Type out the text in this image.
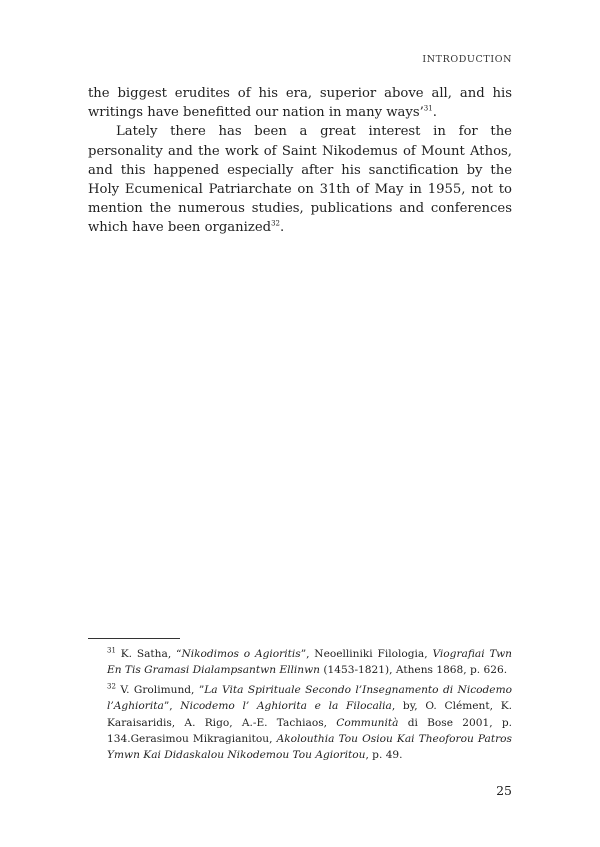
INTRODUCTION

the biggest erudites of his era, superior above all, and his writings have benefitted our nation in many ways’$^{31}$.

Lately there has been a great interest in for the personality and the work of Saint Nikodemus of Mount Athos, and this happened especially after his sanctification by the Holy Ecumenical Patriarchate on 31th of May in 1955, not to mention the numerous studies, publications and conferences which have been organized$^{32}$.

$^{31}$ K. Satha, “Nikodimos o Agioritis”, Neoelliniki Filologia, Viografiai Twn En Tis Gramasi Dialampsantwn Ellinwn (1453-1821), Athens 1868, p. 626.

$^{32}$ V. Grolimund, ”La Vita Spirituale Secondo l’Insegnamento di Nicodemo l’Aghiorita”, Nicodemo l’ Aghiorita e la Filocalia, by, O. Clément, K. Karaisaridis, A. Rigo, A.-E. Tachiaos, Communità di Bose 2001, p. 134.Gerasimou Mikragianitou, Akolouthia Tou Osiou Kai Theoforou Patros Ymwn Kai Didaskalou Nikodemou Tou Agioritou, p. 49.

25
